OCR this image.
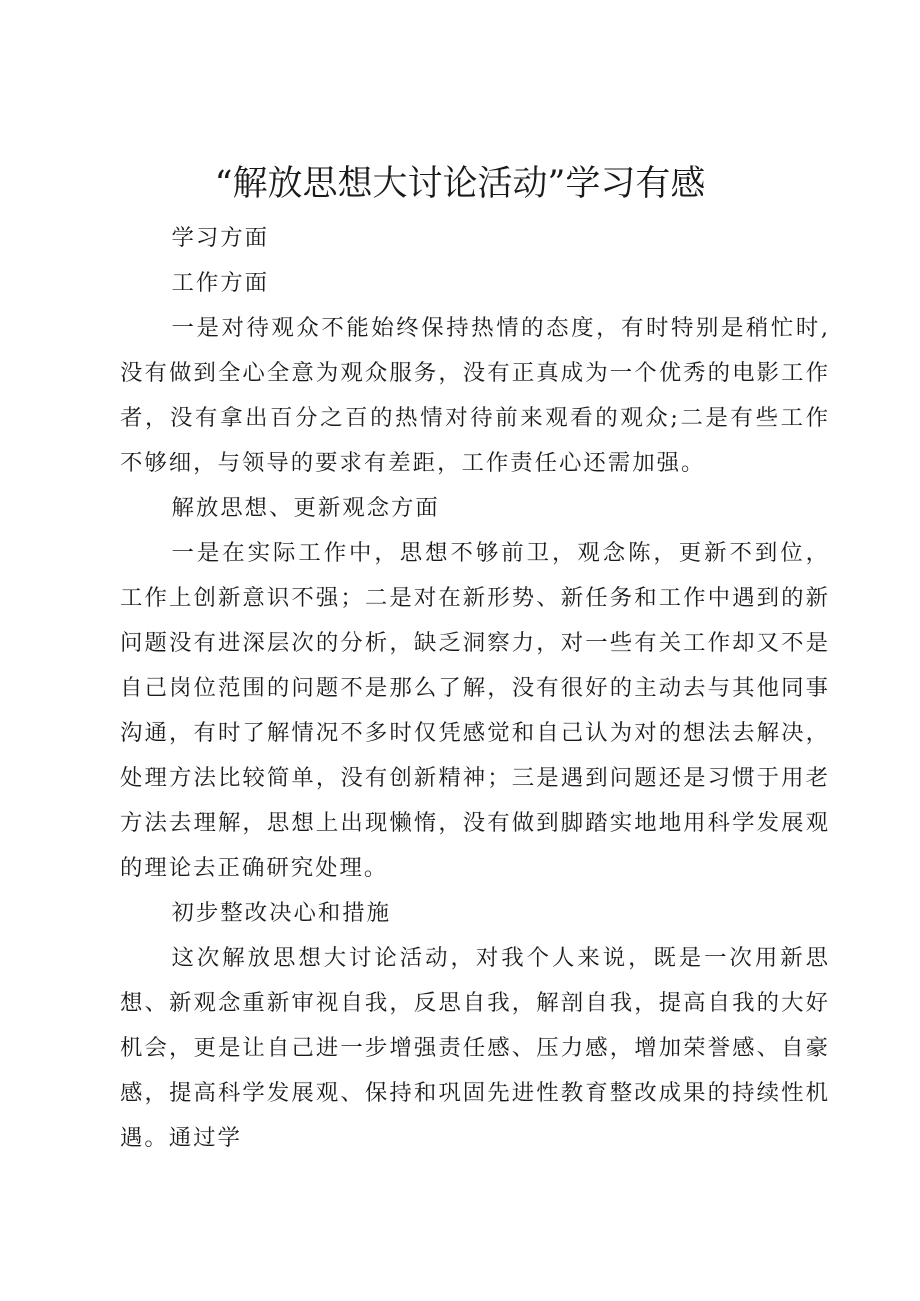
“解放思想大讨论活动”学习有感

学习方面

工作方面

一是对待观众不能始终保持热情的态度，有时特别是稍忙时,没有做到全心全意为观众服务，没有正真成为一个优秀的电影工作者，没有拿出百分之百的热情对待前来观看的观众;二是有些工作不够细，与领导的要求有差距，工作责任心还需加强。

解放思想、更新观念方面

一是在实际工作中，思想不够前卫，观念陈，更新不到位，工作上创新意识不强；二是对在新形势、新任务和工作中遇到的新问题没有进深层次的分析，缺乏洞察力，对一些有关工作却又不是自己岗位范围的问题不是那么了解，没有很好的主动去与其他同事沟通，有时了解情况不多时仅凭感觉和自己认为对的想法去解决，处理方法比较简单，没有创新精神；三是遇到问题还是习惯于用老方法去理解，思想上出现懒惰，没有做到脚踏实地地用科学发展观的理论去正确研究处理。

初步整改决心和措施

这次解放思想大讨论活动，对我个人来说，既是一次用新思想、新观念重新审视自我，反思自我，解剖自我，提高自我的大好机会，更是让自己进一步增强责任感、压力感，增加荣誉感、自豪感，提高科学发展观、保持和巩固先进性教育整改成果的持续性机遇。通过学
